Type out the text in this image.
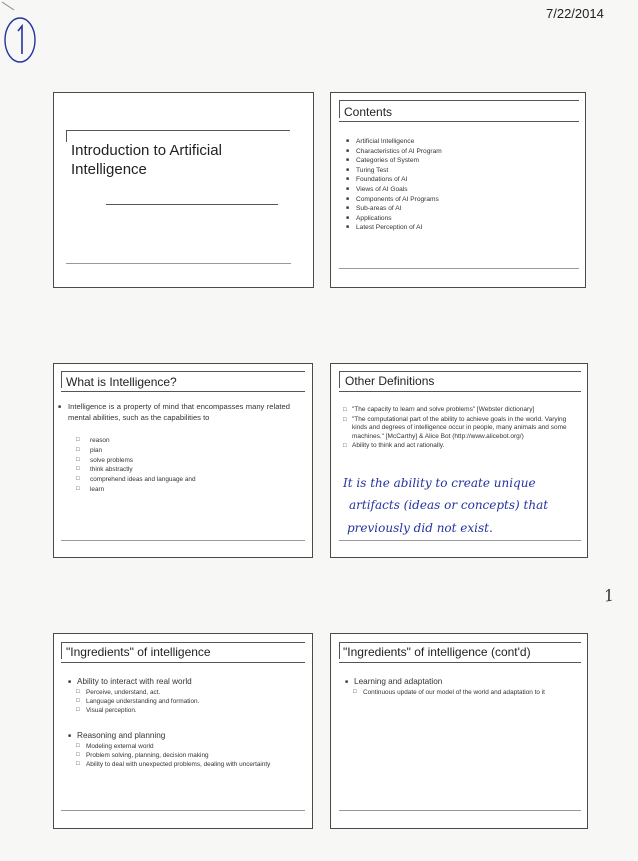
7/22/2014
Introduction to Artificial
Intelligence
Contents
■ Artificial Intelligence
■ Characteristics of AI Program
■ Categories of System
■ Turing Test
■ Foundations of AI
■ Views of AI Goals
■ Components of AI Programs
■ Sub-areas of AI
■ Applications
■ Latest Perception of AI
What is Intelligence?
■ Intelligence is a property of mind that encompasses many related mental abilities, such as the capabilities to
□ reason
□ plan
□ solve problems
□ think abstractly
□ comprehend ideas and language and
□ learn
Other Definitions
□ "The capacity to learn and solve problems" [Webster dictionary]
□ "The computational part of the ability to achieve goals in the world. Varying kinds and degrees of intelligence occur in people, many animals and some machines." [McCarthy] & Alice Bot (http://www.alicebot.org/)
□ Ability to think and act rationally.
It is the ability to create unique
artifacts (ideas or concepts) that
previously did not exist.
1
"Ingredients" of intelligence
■ Ability to interact with real world
□ Perceive, understand, act.
□ Language understanding and formation.
□ Visual perception.
■ Reasoning and planning
□ Modeling external world
□ Problem solving, planning, decision making
□ Ability to deal with unexpected problems, dealing with uncertainty
"Ingredients" of intelligence (cont'd)
■ Learning and adaptation
□ Continuous update of our model of the world and adaptation to it
